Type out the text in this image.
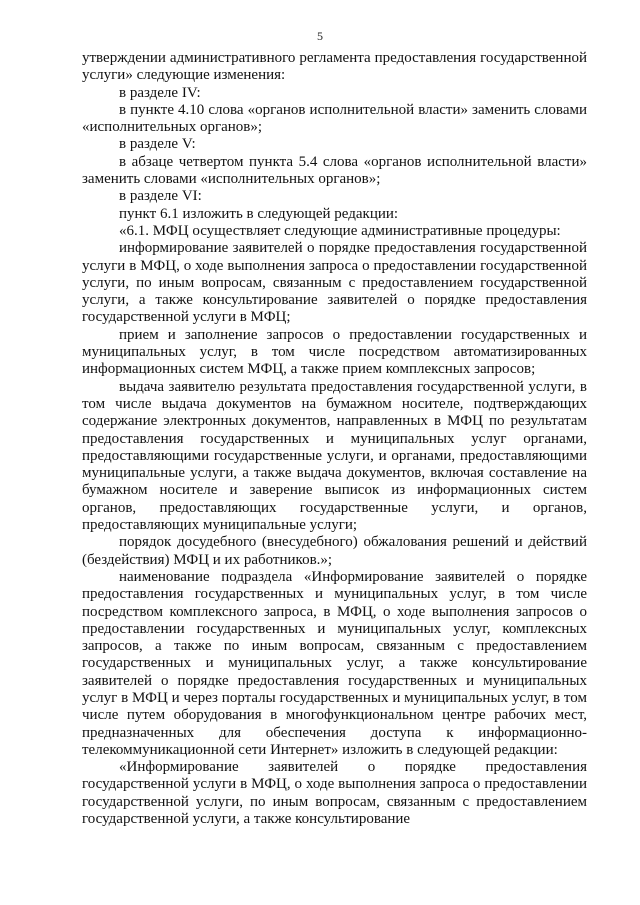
5

утверждении административного регламента предоставления государственной услуги» следующие изменения:

в разделе IV:

в пункте 4.10 слова «органов исполнительной власти» заменить словами «исполнительных органов»;

в разделе V:

в абзаце четвертом пункта 5.4 слова «органов исполнительной власти» заменить словами «исполнительных органов»;

в разделе VI:

пункт 6.1 изложить в следующей редакции:

«6.1. МФЦ осуществляет следующие административные процедуры:

информирование заявителей о порядке предоставления государственной услуги в МФЦ, о ходе выполнения запроса о предоставлении государственной услуги, по иным вопросам, связанным с предоставлением государственной услуги, а также консультирование заявителей о порядке предоставления государственной услуги в МФЦ;

прием и заполнение запросов о предоставлении государственных и муниципальных услуг, в том числе посредством автоматизированных информационных систем МФЦ, а также прием комплексных запросов;

выдача заявителю результата предоставления государственной услуги, в том числе выдача документов на бумажном носителе, подтверждающих содержание электронных документов, направленных в МФЦ по результатам предоставления государственных и муниципальных услуг органами, предоставляющими государственные услуги, и органами, предоставляющими муниципальные услуги, а также выдача документов, включая составление на бумажном носителе и заверение выписок из информационных систем органов, предоставляющих государственные услуги, и органов, предоставляющих муниципальные услуги;

порядок досудебного (внесудебного) обжалования решений и действий (бездействия) МФЦ и их работников.»;

наименование подраздела «Информирование заявителей о порядке предоставления государственных и муниципальных услуг, в том числе посредством комплексного запроса, в МФЦ, о ходе выполнения запросов о предоставлении государственных и муниципальных услуг, комплексных запросов, а также по иным вопросам, связанным с предоставлением государственных и муниципальных услуг, а также консультирование заявителей о порядке предоставления государственных и муниципальных услуг в МФЦ и через порталы государственных и муниципальных услуг, в том числе путем оборудования в многофункциональном центре рабочих мест, предназначенных для обеспечения доступа к информационно-телекоммуникационной сети Интернет» изложить в следующей редакции:

«Информирование заявителей о порядке предоставления государственной услуги в МФЦ, о ходе выполнения запроса о предоставлении государственной услуги, по иным вопросам, связанным с предоставлением государственной услуги, а также консультирование
